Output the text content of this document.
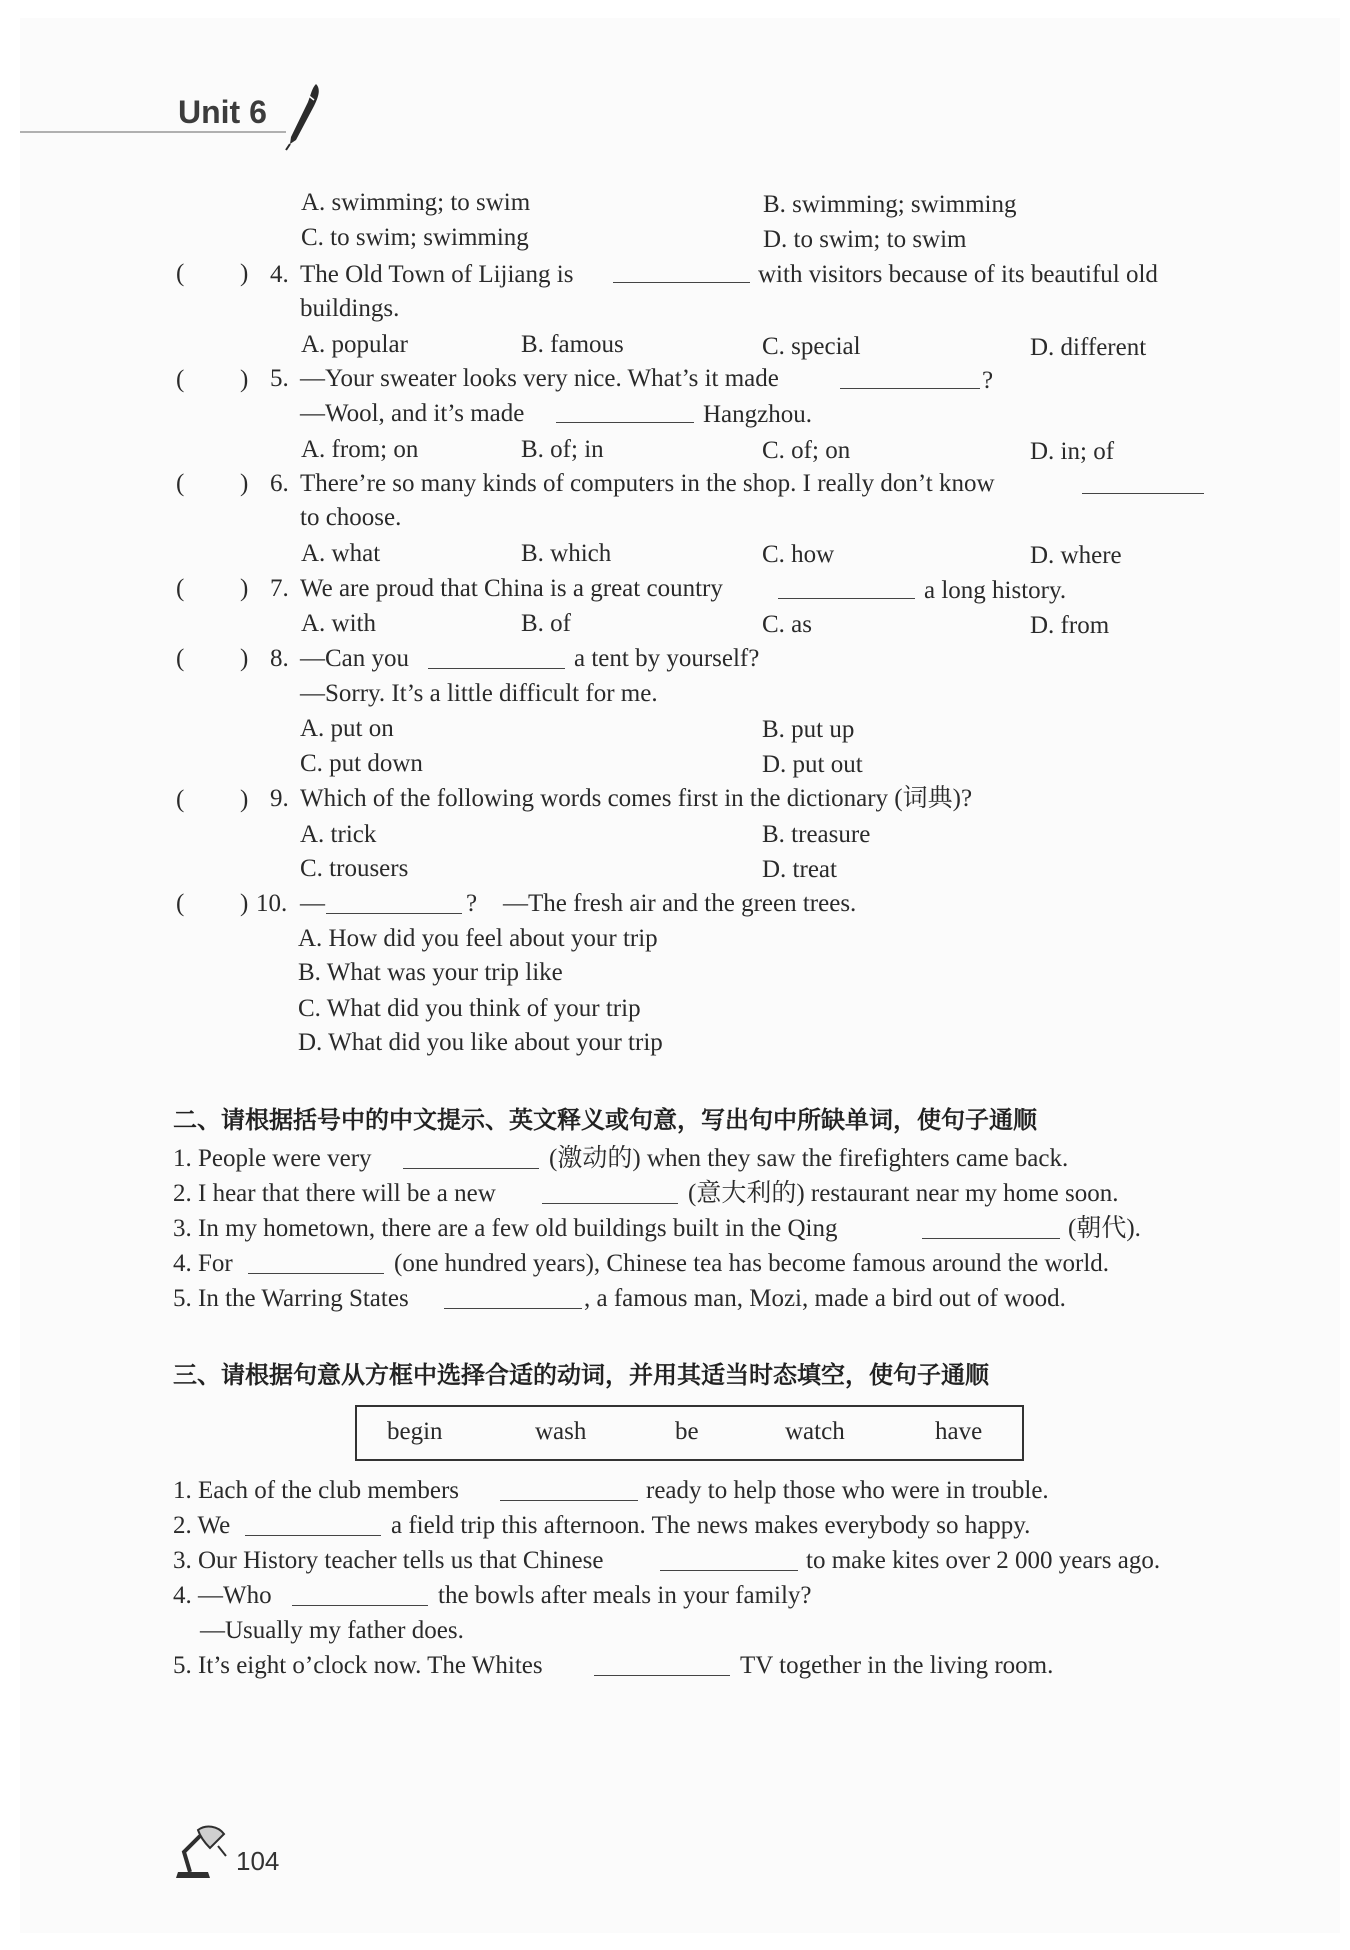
Unit 6
A. swimming; to swim	B. swimming; swimming
C. to swim; swimming	D. to swim; to swim
( ) 4. The Old Town of Lijiang is	with visitors because of its beautiful old
buildings.
A. popular	B. famous	C. special	D. different
( ) 5. —Your sweater looks very nice. What’s it made	?
—Wool, and it’s made	Hangzhou.
A. from; on	B. of; in	C. of; on	D. in; of
( ) 6. There’re so many kinds of computers in the shop. I really don’t know
to choose.
A. what	B. which	C. how	D. where
( ) 7. We are proud that China is a great country	a long history.
A. with	B. of	C. as	D. from
( ) 8. —Can you	a tent by yourself?
—Sorry. It’s a little difficult for me.
A. put on	B. put up
C. put down	D. put out
( ) 9. Which of the following words comes first in the dictionary (词典)?
A. trick	B. treasure
C. trousers	D. treat
( ) 10. —	? —The fresh air and the green trees.
A. How did you feel about your trip
B. What was your trip like
C. What did you think of your trip
D. What did you like about your trip
二、请根据括号中的中文提示、英文释义或句意，写出句中所缺单词，使句子通顺
1. People were very	(激动的) when they saw the firefighters came back.
2. I hear that there will be a new	(意大利的) restaurant near my home soon.
3. In my hometown, there are a few old buildings built in the Qing	(朝代).
4. For	(one hundred years), Chinese tea has become famous around the world.
5. In the Warring States	, a famous man, Mozi, made a bird out of wood.
三、请根据句意从方框中选择合适的动词，并用其适当时态填空，使句子通顺
begin	wash	be	watch	have
1. Each of the club members	ready to help those who were in trouble.
2. We	a field trip this afternoon. The news makes everybody so happy.
3. Our History teacher tells us that Chinese	to make kites over 2 000 years ago.
4. —Who	the bowls after meals in your family?
—Usually my father does.
5. It’s eight o’clock now. The Whites	TV together in the living room.
104
